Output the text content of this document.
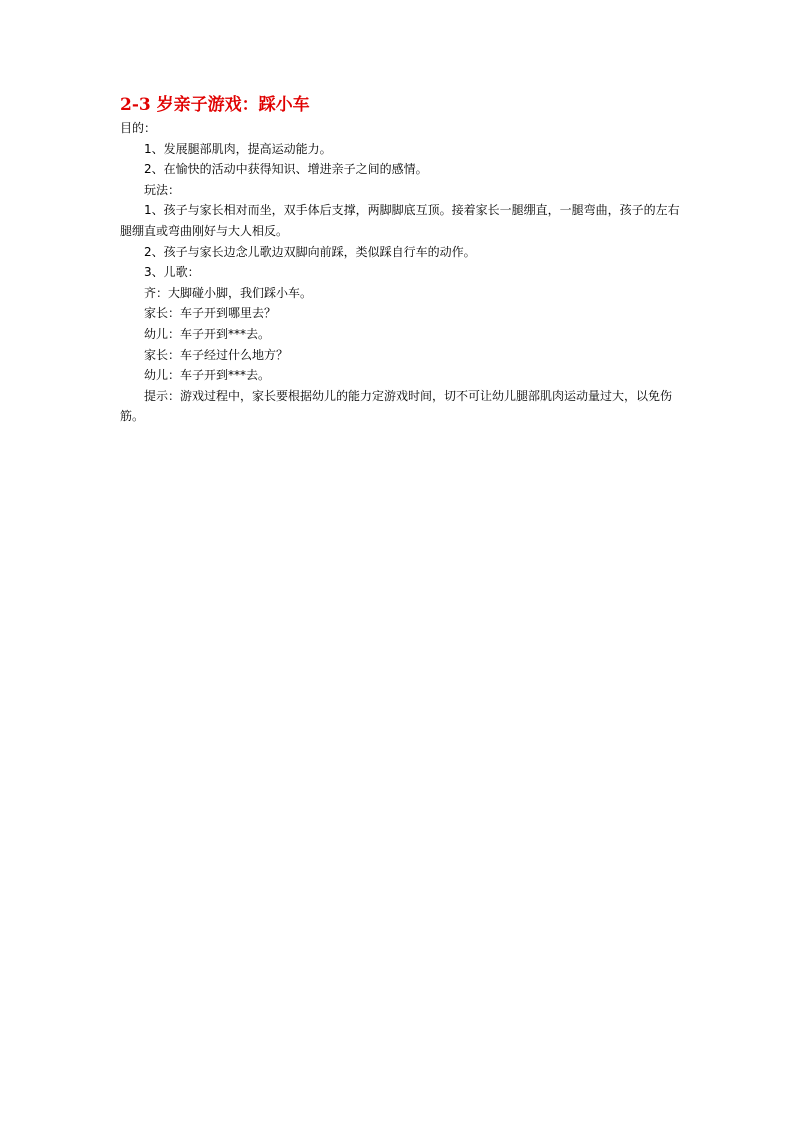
2-3 岁亲子游戏：踩小车

目的：

1、发展腿部肌肉，提高运动能力。

2、在愉快的活动中获得知识、增进亲子之间的感情。

玩法：

1、孩子与家长相对而坐，双手体后支撑，两脚脚底互顶。接着家长一腿绷直，一腿弯曲，孩子的左右腿绷直或弯曲刚好与大人相反。

2、孩子与家长边念儿歌边双脚向前踩，类似踩自行车的动作。

3、儿歌：

齐：大脚碰小脚，我们踩小车。

家长：车子开到哪里去？

幼儿：车子开到***去。

家长：车子经过什么地方？

幼儿：车子开到***去。

提示：游戏过程中，家长要根据幼儿的能力定游戏时间，切不可让幼儿腿部肌肉运动量过大，以免伤筋。
